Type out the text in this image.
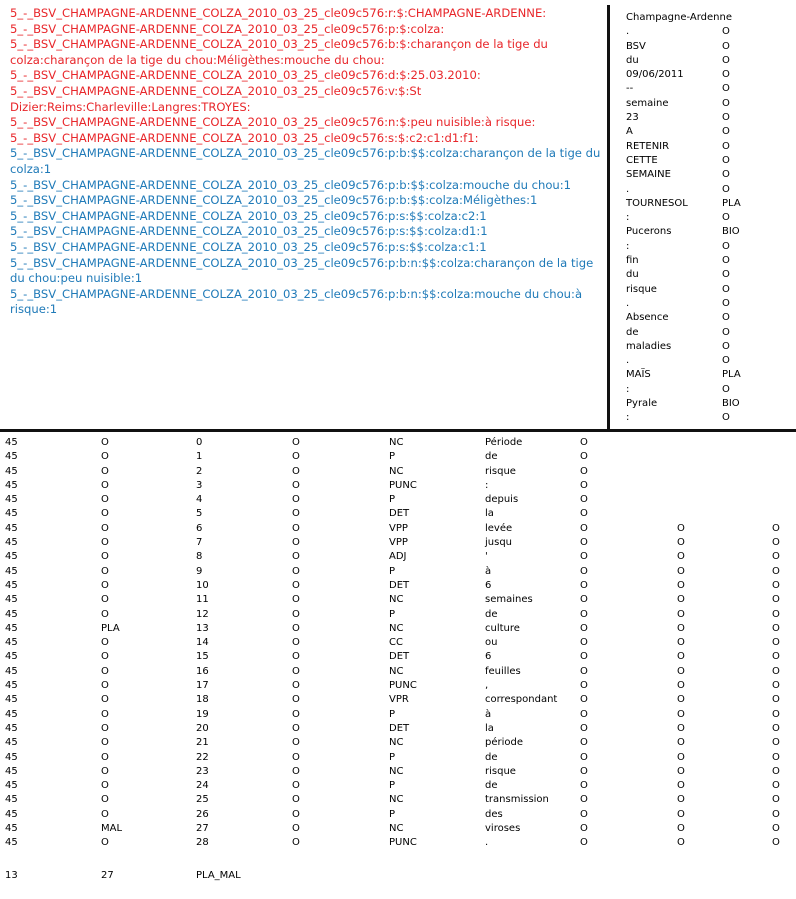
5_-_BSV_CHAMPAGNE-ARDENNE_COLZA_2010_03_25_cle09c576:r:$:CHAMPAGNE-ARDENNE:
5_-_BSV_CHAMPAGNE-ARDENNE_COLZA_2010_03_25_cle09c576:p:$:colza:
5_-_BSV_CHAMPAGNE-ARDENNE_COLZA_2010_03_25_cle09c576:b:$:charançon de la tige du colza:charançon de la tige du chou:Méligèthes:mouche du chou:
5_-_BSV_CHAMPAGNE-ARDENNE_COLZA_2010_03_25_cle09c576:d:$:25.03.2010:
5_-_BSV_CHAMPAGNE-ARDENNE_COLZA_2010_03_25_cle09c576:v:$:St Dizier:Reims:Charleville:Langres:TROYES:
5_-_BSV_CHAMPAGNE-ARDENNE_COLZA_2010_03_25_cle09c576:n:$:peu nuisible:à risque:
5_-_BSV_CHAMPAGNE-ARDENNE_COLZA_2010_03_25_cle09c576:s:$:c2:c1:d1:f1:
5_-_BSV_CHAMPAGNE-ARDENNE_COLZA_2010_03_25_cle09c576:p:b:$$:colza:charançon de la tige du colza:1
5_-_BSV_CHAMPAGNE-ARDENNE_COLZA_2010_03_25_cle09c576:p:b:$$:colza:mouche du chou:1
5_-_BSV_CHAMPAGNE-ARDENNE_COLZA_2010_03_25_cle09c576:p:b:$$:colza:Méligèthes:1
5_-_BSV_CHAMPAGNE-ARDENNE_COLZA_2010_03_25_cle09c576:p:s:$$:colza:c2:1
5_-_BSV_CHAMPAGNE-ARDENNE_COLZA_2010_03_25_cle09c576:p:s:$$:colza:d1:1
5_-_BSV_CHAMPAGNE-ARDENNE_COLZA_2010_03_25_cle09c576:p:s:$$:colza:c1:1
5_-_BSV_CHAMPAGNE-ARDENNE_COLZA_2010_03_25_cle09c576:p:b:n:$$:colza:charançon de la tige du chou:peu nuisible:1
5_-_BSV_CHAMPAGNE-ARDENNE_COLZA_2010_03_25_cle09c576:p:b:n:$$:colza:mouche du chou:à risque:1
Champagne-Ardenne
.	O
BSV	O
du	O
09/06/2011	O
--	O
semaine	O
23	O
A	O
RETENIR	O
CETTE	O
SEMAINE	O
.	O
TOURNESOL	PLA
:	O
Pucerons	BIO
:	O
fin	O
du	O
risque	O
.	O
Absence	O
de	O
maladies	O
.	O
MAÏS	PLA
:	O
Pyrale	BIO
:	O
45	O	0	O	NC	Période	O
45	O	1	O	P	de	O
45	O	2	O	NC	risque	O
45	O	3	O	PUNC	:	O
45	O	4	O	P	depuis	O
45	O	5	O	DET	la	O
45	O	6	O	VPP	levée	O	O	O
45	O	7	O	VPP	jusqu	O	O	O
45	O	8	O	ADJ	'	O	O	O
45	O	9	O	P	à	O	O	O
45	O	10	O	DET	6	O	O	O
45	O	11	O	NC	semaines	O	O	O
45	O	12	O	P	de	O	O	O
45	PLA	13	O	NC	culture	O	O	O
45	O	14	O	CC	ou	O	O	O
45	O	15	O	DET	6	O	O	O
45	O	16	O	NC	feuilles	O	O	O
45	O	17	O	PUNC	,	O	O	O
45	O	18	O	VPR	correspondant O	O	O
45	O	19	O	P	à	O	O	O
45	O	20	O	DET	la	O	O	O
45	O	21	O	NC	période	O	O	O
45	O	22	O	P	de	O	O	O
45	O	23	O	NC	risque	O	O	O
45	O	24	O	P	de	O	O	O
45	O	25	O	NC	transmission	O	O	O
45	O	26	O	P	des	O	O	O
45	MAL	27	O	NC	viroses	O	O	O
45	O	28	O	PUNC	.	O	O	O
13	27	PLA_MAL
